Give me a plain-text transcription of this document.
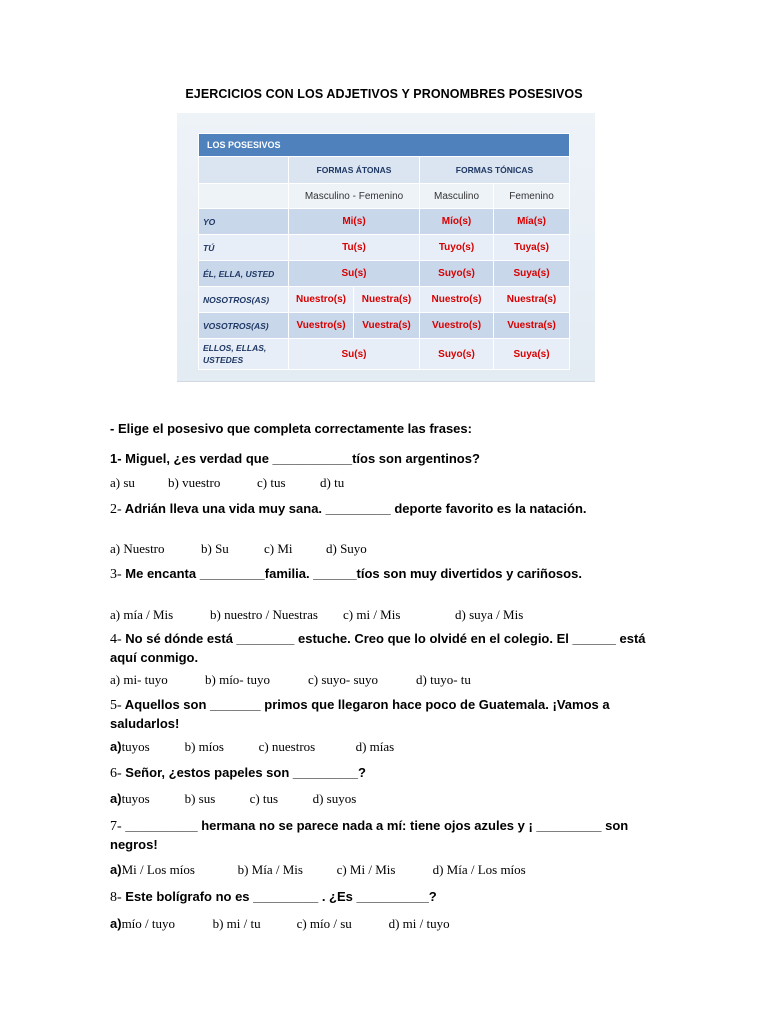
EJERCICIOS CON LOS ADJETIVOS Y PRONOMBRES POSESIVOS
LOS POSESIVOS				
	FORMAS ÁTONAS		FORMAS TÓNICAS	
	Masculino - Femenino		Masculino	Femenino
YO	Mi(s)		Mío(s)	Mía(s)
TÚ	Tu(s)		Tuyo(s)	Tuya(s)
ÉL, ELLA, USTED	Su(s)		Suyo(s)	Suya(s)
NOSOTROS(AS)	Nuestro(s)	Nuestra(s)	Nuestro(s)	Nuestra(s)
VOSOTROS(AS)	Vuestro(s)	Vuestra(s)	Vuestro(s)	Vuestra(s)
ELLOS, ELLAS,
USTEDES	Su(s)		Suyo(s)	Suya(s)
- Elige el posesivo que completa correctamente las frases:
1- Miguel, ¿es verdad que ___________tíos son argentinos?
a) su	b) vuestro	c) tus	d) tu
2- Adrián lleva una vida muy sana. _________ deporte favorito es la natación.
a) Nuestro	b) Su	c) Mi	d) Suyo
3- Me encanta _________familia. ______tíos son muy divertidos y cariñosos.
a) mía / Mis	b) nuestro / Nuestras c) mi / Mis	d) suya / Mis
4- No sé dónde está ________ estuche. Creo que lo olvidé en el colegio. El ______ está aquí conmigo.
a) mi- tuyo	b) mío- tuyo	c) suyo- suyo	d) tuyo- tu
5- Aquellos son _______ primos que llegaron hace poco de Guatemala. ¡Vamos a saludarlos!
a)tuyos	b) míos	c) nuestros	d) mías
6- Señor, ¿estos papeles son _________?
a)tuyos	b) sus	c) tus	d) suyos
7- __________ hermana no se parece nada a mí: tiene ojos azules y ¡ _________ son negros!
a)Mi / Los míos	b) Mía / Mis	c) Mi / Mis	d) Mía / Los míos
8- Este bolígrafo no es _________ . ¿Es __________?
a)mío / tuyo	b) mi / tu	c) mío / su	d) mi / tuyo
